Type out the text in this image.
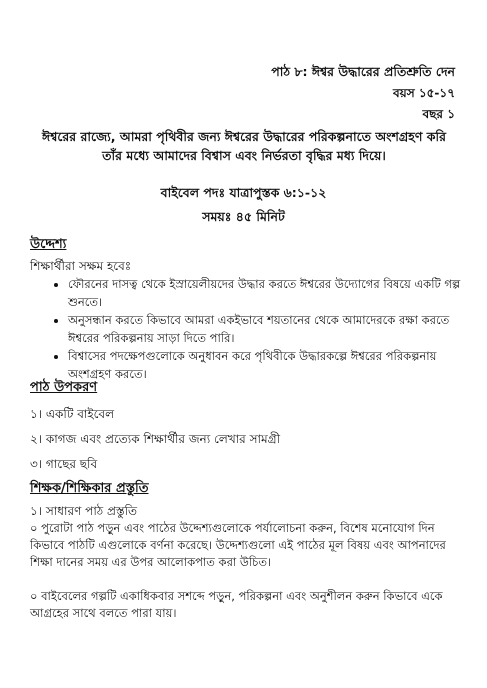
পাঠ ৮: ঈশ্বর উদ্ধারের প্রতিশ্রুতি দেন
বয়স ১৫-১৭
বছর ১
ঈশ্বরের রাজ্যে, আমরা পৃথিবীর জন্য ঈশ্বরের উদ্ধারের পরিকল্পনাতে অংশগ্রহণ করি তাঁর মধ্যে আমাদের বিশ্বাস এবং নির্ভরতা বৃদ্ধির মধ্য দিয়ে।
বাইবেল পদঃ যাত্রাপুস্তক ৬:১-১২
সময়ঃ ৪৫ মিনিট
উদ্দেশ্য
শিক্ষার্থীরা সক্ষম হবেঃ
• ফৌরনের দাসত্ব থেকে ইস্রায়েলীয়দের উদ্ধার করতে ঈশ্বরের উদ্যোগের বিষয়ে একটি গল্প শুনতে।
• অনুসন্ধান করতে কিভাবে আমরা একইভাবে শয়তানের থেকে আমাদেরকে রক্ষা করতে ঈশ্বরের পরিকল্পনায় সাড়া দিতে পারি।
• বিশ্বাসের পদক্ষেপগুলোকে অনুধাবন করে পৃথিবীকে উদ্ধারকল্পে ঈশ্বরের পরিকল্পনায় অংশগ্রহণ করতে।
পাঠ উপকরণ
১। একটি বাইবেল
২। কাগজ এবং প্রত্যেক শিক্ষার্থীর জন্য লেখার সামগ্রী
৩। গাছের ছবি
শিক্ষক/শিক্ষিকার প্রস্তুতি
১। সাধারণ পাঠ প্রস্তুতি
০ পুরোটা পাঠ পড়ুন এবং পাঠের উদ্দেশ্যগুলোকে পর্যালোচনা করুন, বিশেষ মনোযোগ দিন কিভাবে পাঠটি এগুলোকে বর্ণনা করেছে। উদ্দেশ্যগুলো এই পাঠের মূল বিষয় এবং আপনাদের শিক্ষা দানের সময় এর উপর আলোকপাত করা উচিত।
০ বাইবেলের গল্পটি একাধিকবার সশব্দে পড়ুন, পরিকল্পনা এবং অনুশীলন করুন কিভাবে একে আগ্রহের সাথে বলতে পারা যায়।
